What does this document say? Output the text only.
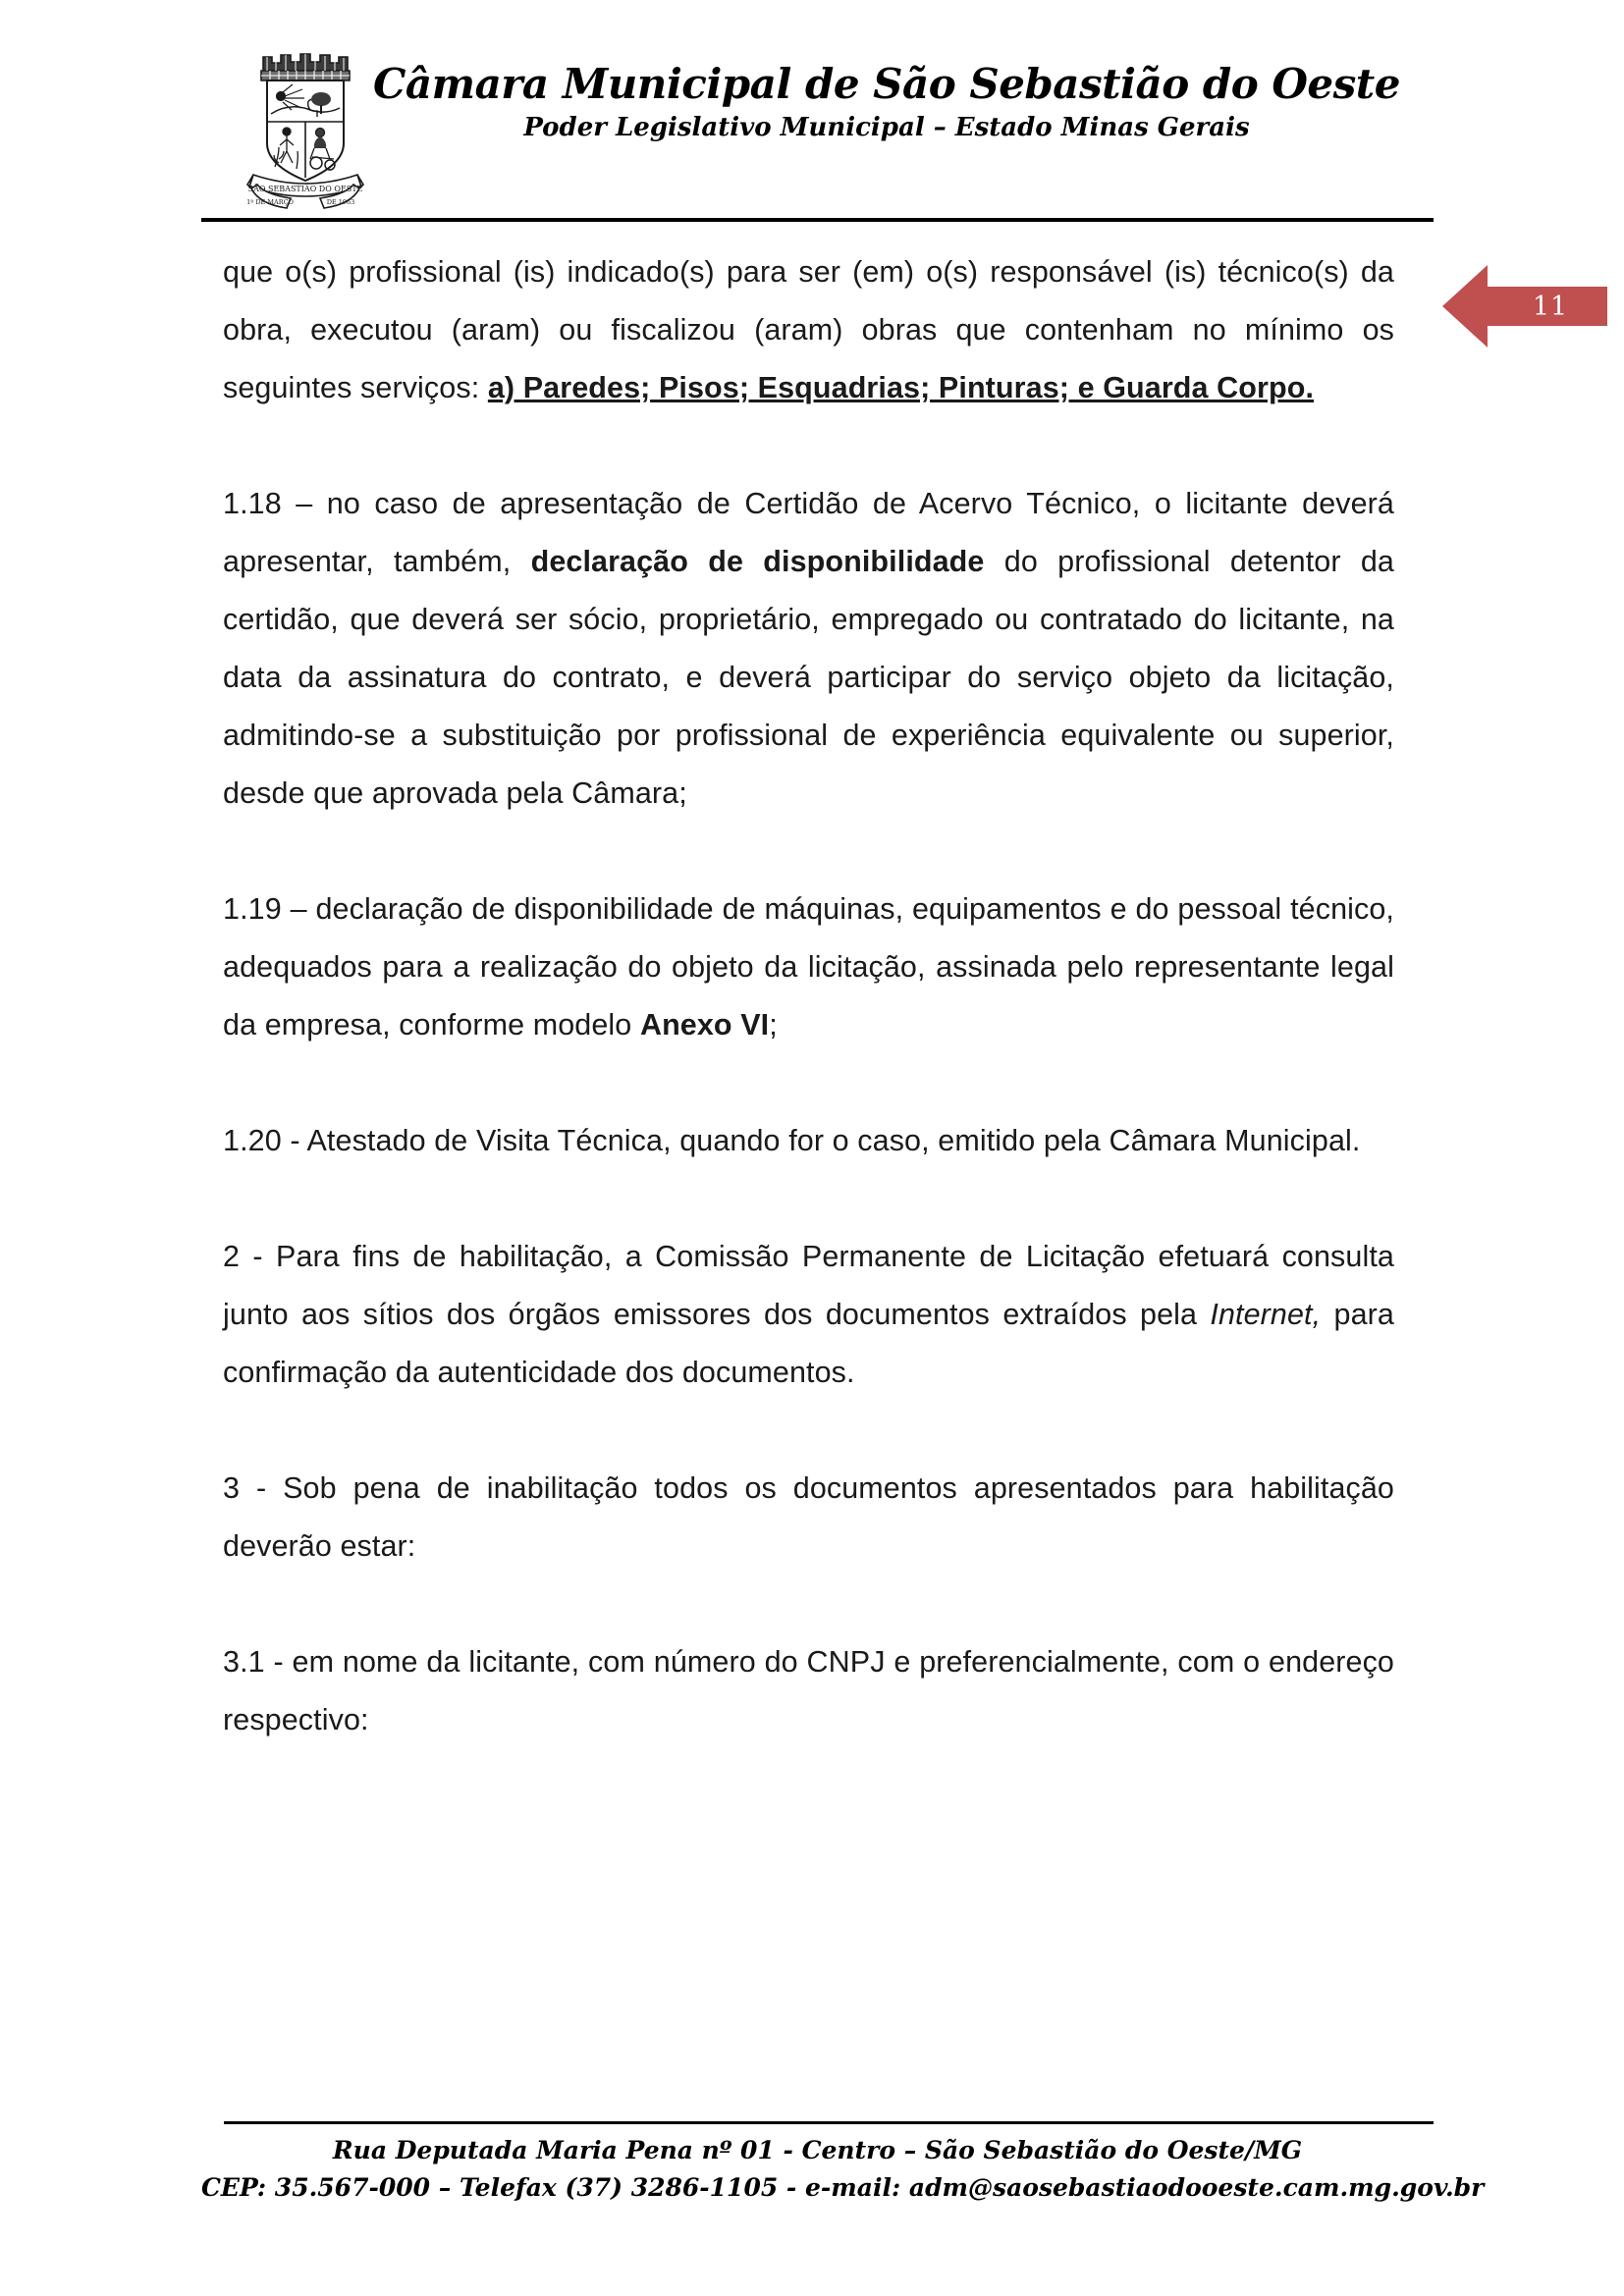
SÃO SEBASTIÃO DO OESTE
1º DE MARÇO	DE 1963
Câmara Municipal de São Sebastião do Oeste
Poder Legislativo Municipal – Estado Minas Gerais
11

que o(s) profissional (is) indicado(s) para ser (em) o(s) responsável (is) técnico(s) da obra, executou (aram) ou fiscalizou (aram) obras que contenham no mínimo os seguintes serviços: a) Paredes; Pisos; Esquadrias; Pinturas; e Guarda Corpo.

1.18 – no caso de apresentação de Certidão de Acervo Técnico, o licitante deverá apresentar, também, declaração de disponibilidade do profissional detentor da certidão, que deverá ser sócio, proprietário, empregado ou contratado do licitante, na data da assinatura do contrato, e deverá participar do serviço objeto da licitação, admitindo-se a substituição por profissional de experiência equivalente ou superior, desde que aprovada pela Câmara;

1.19 – declaração de disponibilidade de máquinas, equipamentos e do pessoal técnico, adequados para a realização do objeto da licitação, assinada pelo representante legal da empresa, conforme modelo Anexo VI;

1.20 - Atestado de Visita Técnica, quando for o caso, emitido pela Câmara Municipal.

2 - Para fins de habilitação, a Comissão Permanente de Licitação efetuará consulta junto aos sítios dos órgãos emissores dos documentos extraídos pela Internet, para confirmação da autenticidade dos documentos.

3 - Sob pena de inabilitação todos os documentos apresentados para habilitação deverão estar:

3.1 - em nome da licitante, com número do CNPJ e preferencialmente, com o endereço respectivo:

Rua Deputada Maria Pena nº 01 - Centro – São Sebastião do Oeste/MG
CEP: 35.567-000 – Telefax (37) 3286-1105 - e-mail: adm@saosebastiaodooeste.cam.mg.gov.br
